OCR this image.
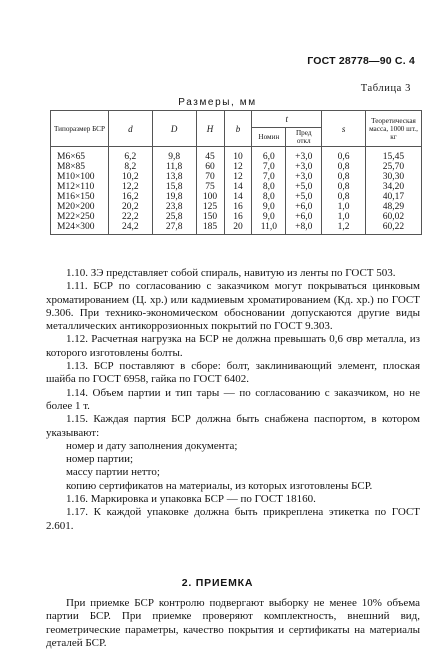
ГОСТ 28778—90 С. 4
Таблица 3
Размеры, мм
Типоразмер БСР	d	D	H	b	t		s	Теоретическая масса, 1000 шт., кг
					Номин	Пред откл		
М6×65	6,2	9,8	45	10	6,0	+3,0	0,6	15,45
М8×85	8,2	11,8	60	12	7,0	+3,0	0,8	25,70
М10×100	10,2	13,8	70	12	7,0	+3,0	0,8	30,30
М12×110	12,2	15,8	75	14	8,0	+5,0	0,8	34,20
М16×150	16,2	19,8	100	14	8,0	+5,0	0,8	40,17
М20×200	20,2	23,8	125	16	9,0	+6,0	1,0	48,29
М22×250	22,2	25,8	150	16	9,0	+6,0	1,0	60,02
М24×300	24,2	27,8	185	20	11,0	+8,0	1,2	60,22

1.10. ЗЭ представляет собой спираль, навитую из ленты по ГОСТ 503.

1.11. БСР по согласованию с заказчиком могут покрываться цинковым хроматированием (Ц. хр.) или кадмиевым хроматированием (Кд. хр.) по ГОСТ 9.306. При технико-экономическом обосновании допускаются другие виды металлических антикоррозионных покрытий по ГОСТ 9.303.

1.12. Расчетная нагрузка на БСР не должна превышать 0,6 σвр металла, из которого изготовлены болты.

1.13. БСР поставляют в сборе: болт, заклинивающий элемент, плоская шайба по ГОСТ 6958, гайка по ГОСТ 6402.

1.14. Объем партии и тип тары — по согласованию с заказчиком, но не более 1 т.

1.15. Каждая партия БСР должна быть снабжена паспортом, в котором указывают:

номер и дату заполнения документа;

номер партии;

массу партии нетто;

копию сертификатов на материалы, из которых изготовлены БСР.

1.16. Маркировка и упаковка БСР — по ГОСТ 18160.

1.17. К каждой упаковке должна быть прикреплена этикетка по ГОСТ 2.601.

2. ПРИЕМКА

При приемке БСР контролю подвергают выборку не менее 10% объема партии БСР. При приемке проверяют комплектность, внешний вид, геометрические параметры, качество покрытия и сертификаты на материалы деталей БСР.
